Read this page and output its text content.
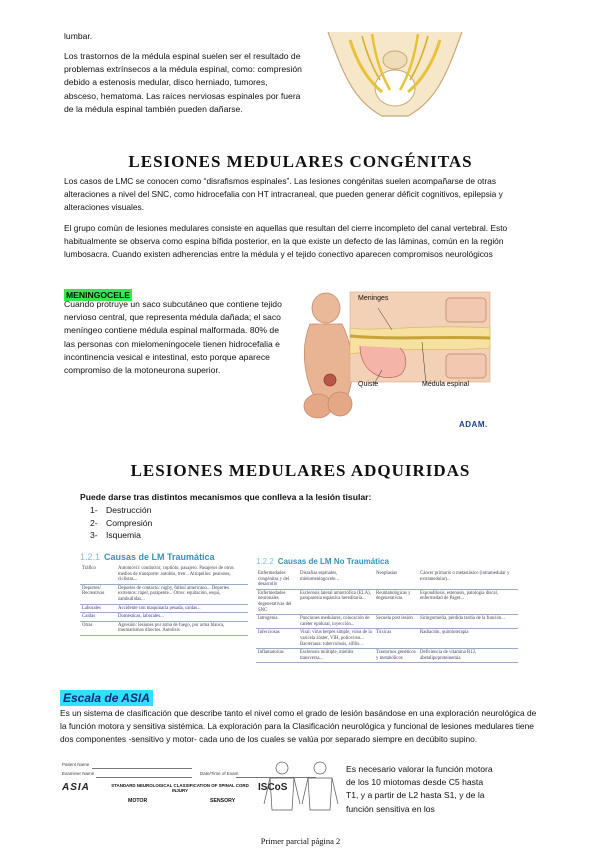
lumbar.

Los trastornos de la médula espinal suelen ser el resultado de problemas extrínsecos a la médula espinal, como: compresión debido a estenosis medular, disco herniado, tumores, absceso, hematoma. Las raíces nerviosas espinales por fuera de la médula espinal también pueden dañarse.

LESIONES MEDULARES CONGÉNITAS

Los casos de LMC se conocen como “disrafismos espinales”. Las lesiones congénitas suelen acompañarse de otras alteraciones a nivel del SNC, como hidrocefalia con HT intracraneal, que pueden generar déficit cognitivos, epilepsia y alteraciones visuales.

El grupo común de lesiones medulares consiste en aquellas que resultan del cierre incompleto del canal vertebral. Esto habitualmente se observa como espina bífida posterior, en la que existe un defecto de las láminas, común en la región lumbosacra. Cuando existen adherencias entre la médula y el tejido conectivo aparecen compromisos neurológicos

MENINGOCELE

Cuando protruye un saco subcutáneo que contiene tejido nervioso central, que representa médula dañada; el saco meníngeo contiene médula espinal malformada. 80% de las personas con mielomeningocele tienen hidrocefalia e incontinencia vesical e intestinal, esto porque aparece compromiso de la motoneurona superior.

Meninges
Quiste	Médula espinal
ADAM.
LESIONES MEDULARES ADQUIRIDAS

Puede darse tras distintos mecanismos que conlleva a la lesión tisular:

1- Destrucción
2- Compresión
3- Isquemia
1.2.1 Causas de LM Traumática
Tráfico	Automóvil: conductor, copiloto, pasajero. Pasajeros de otros medios de transporte: autobús, tren... Atropellos: peatones, ciclistas...
Deportes/ Recreativas	Deportes de contacto: rugby, fútbol americano... Deportes extremos: rapel, parapente... Otros: equitación, esquí, zambullidas...
Laborales	Accidente con maquinaria pesada, caídas...
Caídas	Domésticas, laborales...
Otras	Agresión: lesiones por arma de fuego, por arma blanca, traumatismos directos. Autolisis
1.2.2 Causas de LM No Traumática
Enfermedades congénitas y del desarrollo	Disrafias espinales, mielomeningocele...	Neoplasias	Cáncer primario o metastásico (intramedular y extramedular)...
Enfermedades neuronales degenerativas del SNC	Esclerosis lateral amiotrófica (ELA), paraparesia espástica hereditaria...	Reumatológicas y degenerativas	Espondilosis, estenosis, patología discal, enfermedad de Paget...
Iatrogenia	Punciones medulares, colocación de catéter epidural, inyección...	Secuela post lesión	Siringomielia, pérdida tardía de la función...
Infecciosas	Viral: virus herpes simple, virus de la varicela zóster, VIH, poliovirus... Bacteriana: tuberculosis, sífilis...	Tóxicas	Radiación, quimioterapia
Inflamatorias	Esclerosis múltiple, mielitis transversa...	Trastornos genéticos y metabólicos	Deficiencia de vitamina B12, abetalipoproteinemia
Escala de ASIA

Es un sistema de clasificación que describe tanto el nivel como el grado de lesión basándose en una exploración neurológica de la función motora y sensitiva sistémica. La exploración para la Clasificación neurológica y funcional de lesiones medulares tiene dos componentes -sensitivo y motor- cada uno de los cuales se valúa por separado siempre en decúbito supino.

Patient Name
Examiner Name	Date/Time of Exam
ASIA	STANDARD NEUROLOGICAL CLASSIFICATION OF SPINAL CORD INJURY	ISCoS
MOTOR	SENSORY

Es necesario valorar la función motora de los 10 miotomas desde C5 hasta T1, y a partir de L2 hasta S1, y de la función sensitiva en los

Primer parcial página 2
